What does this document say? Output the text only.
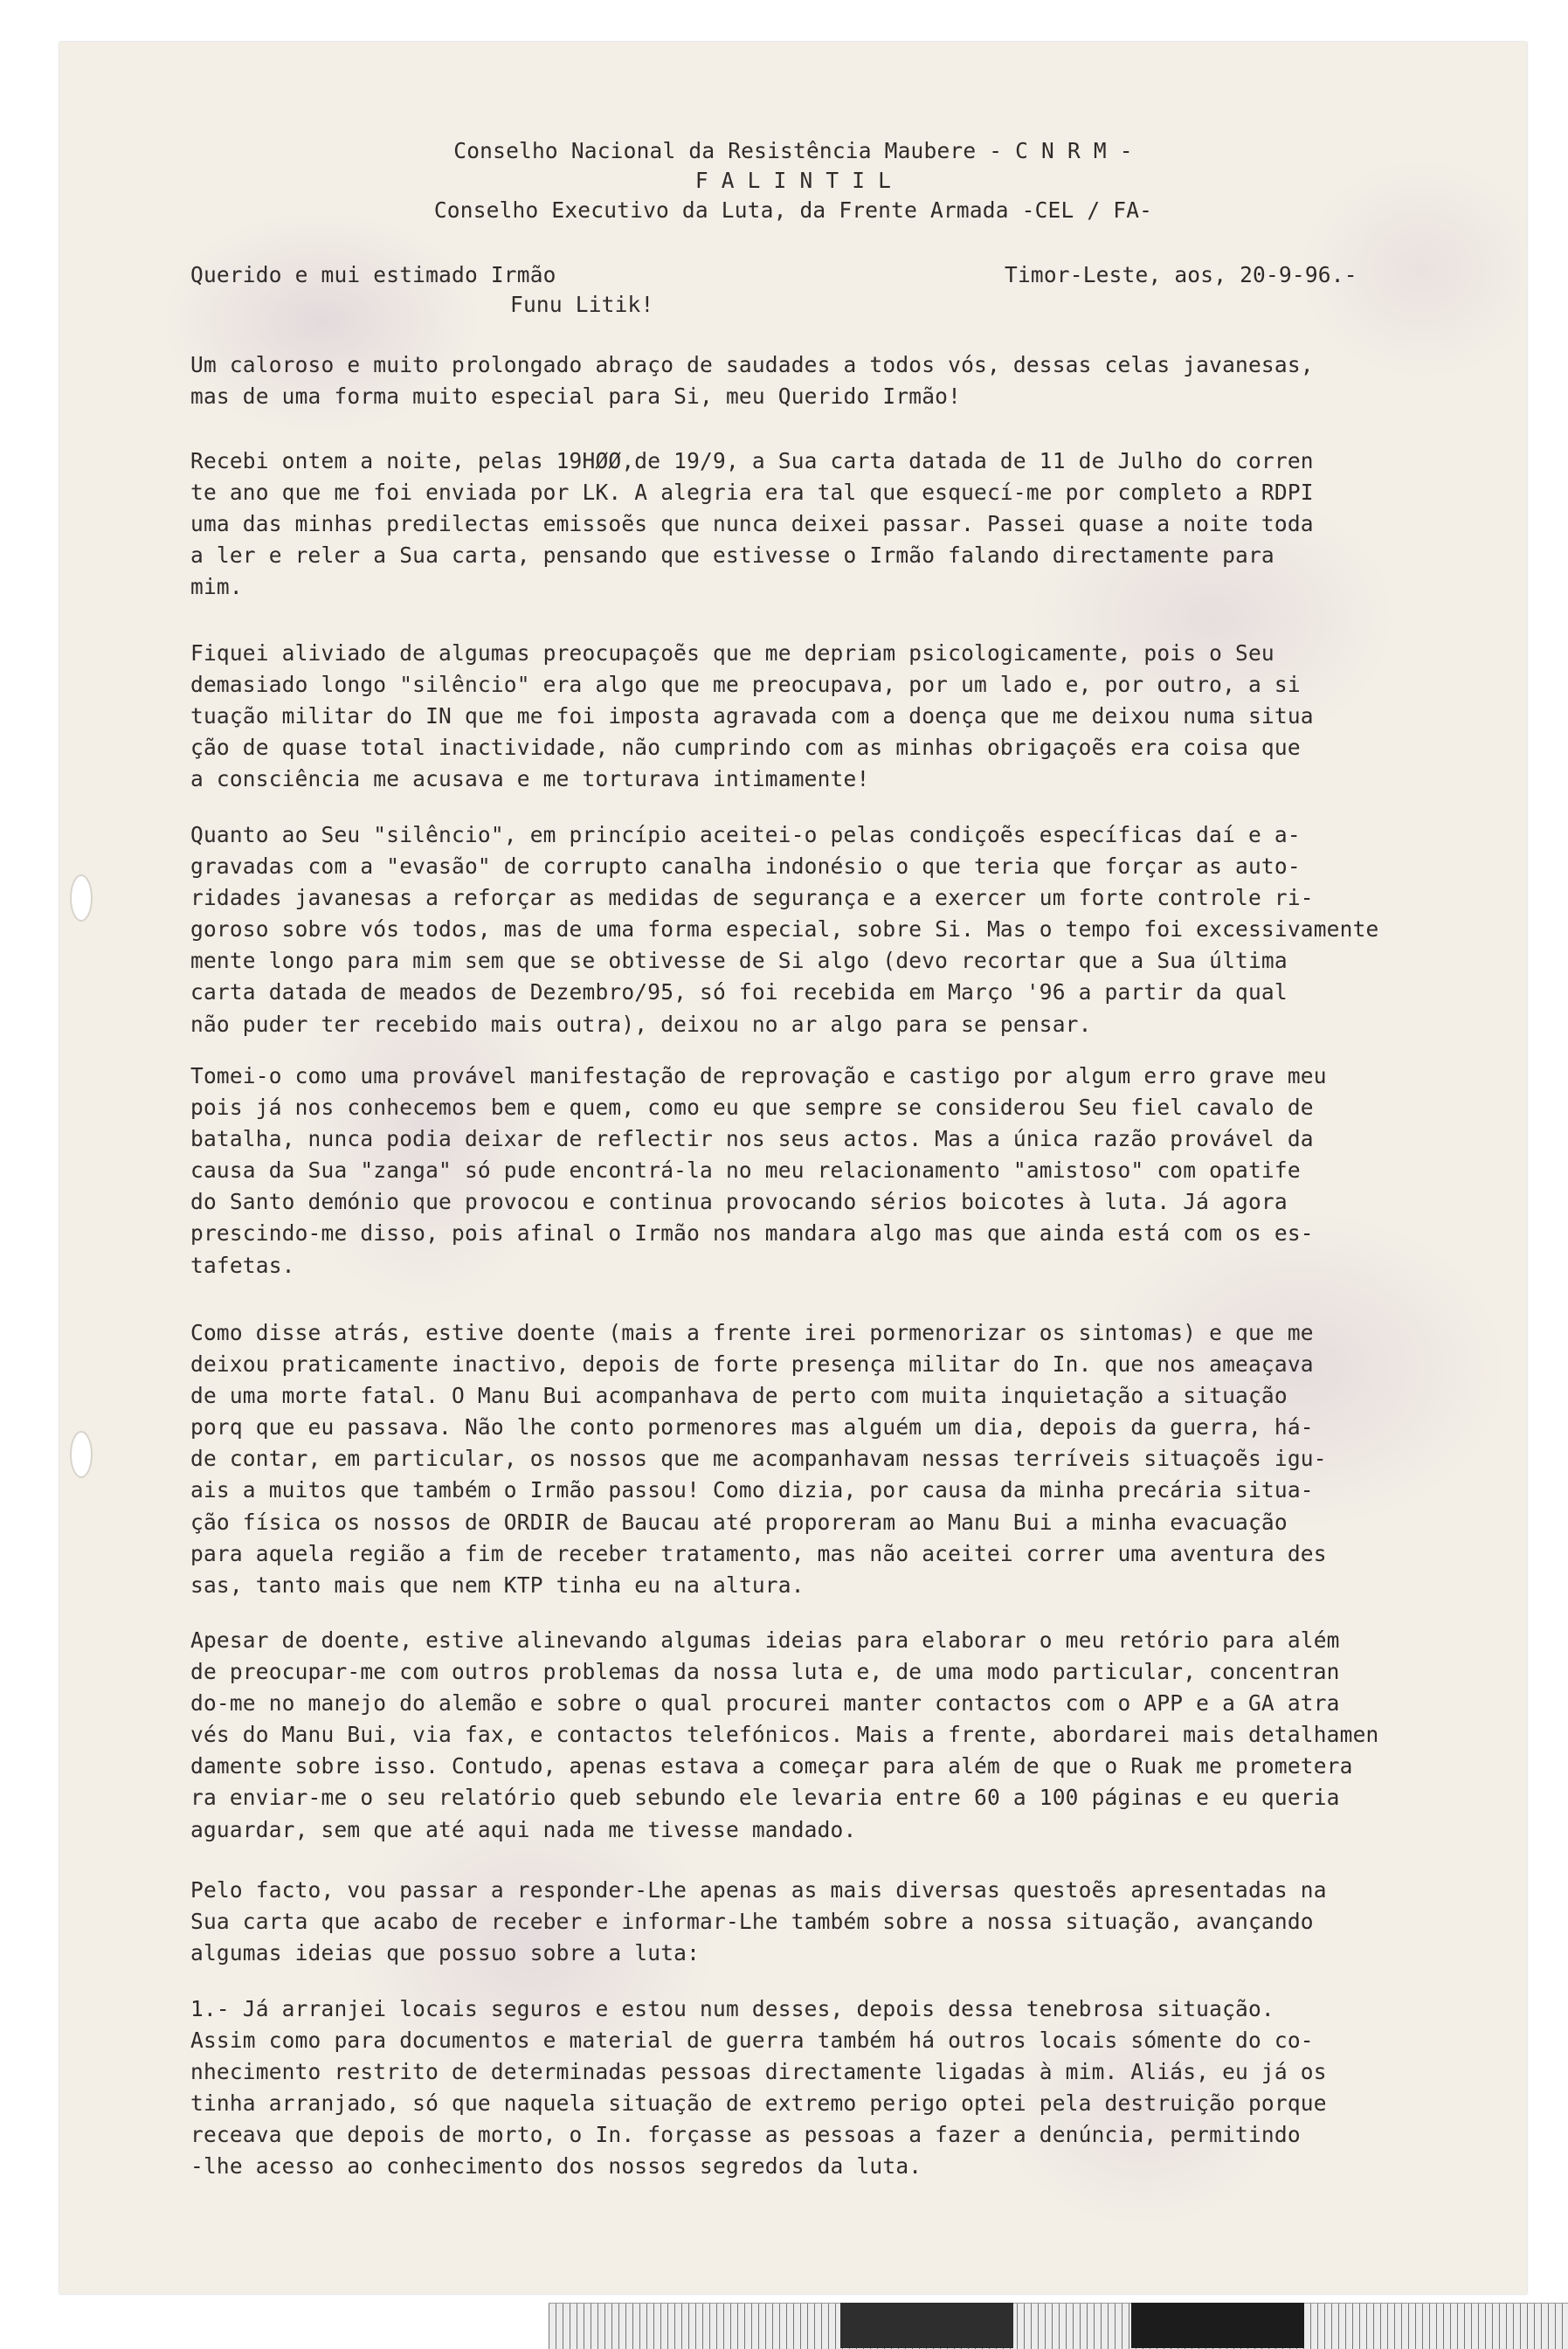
Conselho Nacional da Resistência Maubere - C N R M -

F A L I N T I L

Conselho Executivo da Luta, da Frente Armada -CEL / FA-

Querido e mui estimado Irmão	Timor-Leste, aos, 20-9-96.-

Funu Litik!

Um caloroso e muito prolongado abraço de saudades a todos vós, dessas celas javanesas,
mas de uma forma muito especial para Si, meu Querido Irmão!

Recebi ontem a noite, pelas 19HØØ,de 19/9, a Sua carta datada de 11 de Julho do corren
te ano que me foi enviada por LK. A alegria era tal que esquecí-me por completo a RDPI
uma das minhas predilectas emissoẽs que nunca deixei passar. Passei quase a noite toda
a ler e reler a Sua carta, pensando que estivesse o Irmão falando directamente para
mim.

Fiquei aliviado de algumas preocupaçoẽs que me depriam psicologicamente, pois o Seu
demasiado longo "silêncio" era algo que me preocupava, por um lado e, por outro, a si
tuação militar do IN que me foi imposta agravada com a doença que me deixou numa situa
ção de quase total inactividade, não cumprindo com as minhas obrigaçoẽs era coisa que
a consciência me acusava e me torturava intimamente!

Quanto ao Seu "silêncio", em princípio aceitei-o pelas condiçoẽs específicas daí e a-
gravadas com a "evasão" de corrupto canalha indonésio o que teria que forçar as auto-
ridades javanesas a reforçar as medidas de segurança e a exercer um forte controle ri-
goroso sobre vós todos, mas de uma forma especial, sobre Si. Mas o tempo foi excessivamente
mente longo para mim sem que se obtivesse de Si algo (devo recortar que a Sua última
carta datada de meados de Dezembro/95, só foi recebida em Março '96 a partir da qual
não puder ter recebido mais outra), deixou no ar algo para se pensar.

Tomei-o como uma provável manifestação de reprovação e castigo por algum erro grave meu
pois já nos conhecemos bem e quem, como eu que sempre se considerou Seu fiel cavalo de
batalha, nunca podia deixar de reflectir nos seus actos. Mas a única razão provável da
causa da Sua "zanga" só pude encontrá-la no meu relacionamento "amistoso" com opatife
do Santo demónio que provocou e continua provocando sérios boicotes à luta. Já agora
prescindo-me disso, pois afinal o Irmão nos mandara algo mas que ainda está com os es-
tafetas.

Como disse atrás, estive doente (mais a frente irei pormenorizar os sintomas) e que me
deixou praticamente inactivo, depois de forte presença militar do In. que nos ameaçava
de uma morte fatal. O Manu Bui acompanhava de perto com muita inquietação a situação
porq que eu passava. Não lhe conto pormenores mas alguém um dia, depois da guerra, há-
de contar, em particular, os nossos que me acompanhavam nessas terríveis situaçoẽs igu-
ais a muitos que também o Irmão passou! Como dizia, por causa da minha precária situa-
ção física os nossos de ORDIR de Baucau até proporeram ao Manu Bui a minha evacuação
para aquela região a fim de receber tratamento, mas não aceitei correr uma aventura des
sas, tanto mais que nem KTP tinha eu na altura.

Apesar de doente, estive alinevando algumas ideias para elaborar o meu retório para além
de preocupar-me com outros problemas da nossa luta e, de uma modo particular, concentran
do-me no manejo do alemão e sobre o qual procurei manter contactos com o APP e a GA atra
vés do Manu Bui, via fax, e contactos telefónicos. Mais a frente, abordarei mais detalhamen
damente sobre isso. Contudo, apenas estava a começar para além de que o Ruak me prometera
ra enviar-me o seu relatório queb sebundo ele levaria entre 60 a 100 páginas e eu queria
aguardar, sem que até aqui nada me tivesse mandado.

Pelo facto, vou passar a responder-Lhe apenas as mais diversas questoẽs apresentadas na
Sua carta que acabo de receber e informar-Lhe também sobre a nossa situação, avançando
algumas ideias que possuo sobre a luta:

1.- Já arranjei locais seguros e estou num desses, depois dessa tenebrosa situação.
Assim como para documentos e material de guerra também há outros locais sómente do co-
nhecimento restrito de determinadas pessoas directamente ligadas à mim. Aliás, eu já os
tinha arranjado, só que naquela situação de extremo perigo optei pela destruição porque
receava que depois de morto, o In. forçasse as pessoas a fazer a denúncia, permitindo
-lhe acesso ao conhecimento dos nossos segredos da luta.
